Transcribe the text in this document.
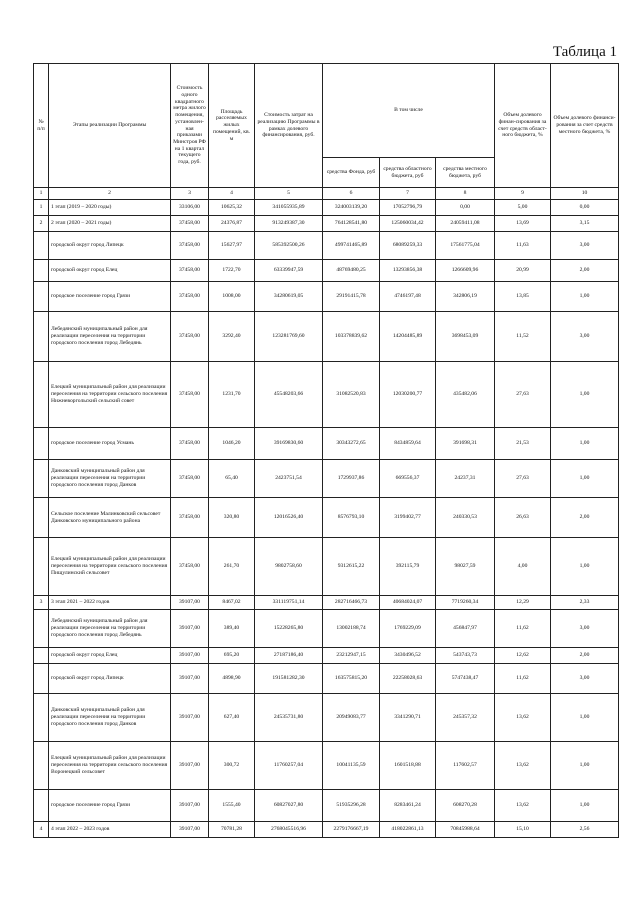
Таблица 1
№ п/п	Этапы реализации Программы	Стоимость одного квадратного метра жилого помещения, установлен-ная приказами Минстроя РФ на 1 квартал текущего года, руб.	Площадь расселяемых жилых помещений, кв. м	Стоимость затрат на реализацию Программы в рамках долевого финансирования, руб.	В том числе			Объем долевого финан-сирования за счет средств област-ного бюджета, %	Объем долевого финанси-рования за счет средств местного бюджета, %
					средства Фонда, руб	средства областного бюджета, руб	средства местного бюджета, руб		
1	2	3	4	5	6	7	8	9	10
1	1 этап (2019 – 2020 годы)	33106,00	10625,32	341055935,89	324003139,20	17052796,79	0,00	5,00	0,00
2	2 этап (2020 – 2021 годы)	37458,00	24376,87	913249387,30	764128541,80	125060034,42	24059411,08	13,69	3,15
	городской округ город Липецк	37458,00	15627,97	585392500,26	499741465,89	68089259,33	17561775,04	11,63	3,00
	городской округ город Елец	37458,00	1722,70	63339947,59	48769480,25	13293856,38	1266609,96	20,99	2,00
	городское поселение город Грязи	37458,00	1008,00	34280619,05	29191415,78	4746197,48	342806,19	13,85	1,00
	Лебедянский муниципальный район для реализации переселения на территории городского поселения город Лебедянь	37458,00	3292,40	123281769,60	103378839,62	14204485,89	3698453,09	11,52	3,00
	Елецкий муниципальный район для реализации переселения на территории сельского поселения Нижневоргольский сельский совет	37458,00	1231,70	45548203,66	31082520,83	12030200,77	435482,06	27,63	1,00
	городское поселение город Усмань	37458,00	1046,20	39169830,60	30343272,65	8434859,64	391698,31	21,53	1,00
	Данковский муниципальный район для реализации переселения на территории городского поселения город Данков	37458,00	65,40	2423751,54	1729937,86	669556,37	24237,31	27,63	1,00
	Сельское поселение Малинковский сельсовет Данковского муниципального района	37458,00	320,80	12016526,40	8576793,10	3199402,77	240330,53	26,63	2,00
	Елецкий муниципальный район для реализации переселения на территории сельского поселения Пищулинский сельсовет	37458,00	261,70	9802758,60	9312615,22	392115,79	98027,59	4,00	1,00
3	3 этап 2021 – 2022 годов	39107,00	8467,02	331119751,14	282716466,73	40684024,07	7719260,34	12,29	2,33
	Лебедянский муниципальный район для реализации переселения на территории городского поселения город Лебедянь	39107,00	389,40	15228265,80	13002188,74	1769229,09	456847,97	11,62	3,00
	городской округ город Елец	39107,00	695,20	27187186,40	23212947,15	3430496,52	543743,73	12,62	2,00
	городской округ город Липецк	39107,00	4898,90	191581282,30	163575815,20	22258028,63	5747438,47	11,62	3,00
	Данковский муниципальный район для реализации переселения на территории городского поселения город Данков	39107,00	627,40	24535731,80	20949083,77	3341290,71	245357,32	13,62	1,00
	Елецкий муниципальный район для реализации переселения на территории сельского поселения Воронецкий сельсовет	39107,00	300,72	11760257,04	10041135,59	1601518,88	117602,57	13,62	1,00
	городское поселение город Грязи	39107,00	1555,40	60827027,80	51935296,28	8283461,24	608270,28	13,62	1,00
4	4 этап 2022 – 2023 годов	39107,00	70781,28	2768045516,96	2279176667,19	418022861,13	70845988,64	15,10	2,56
